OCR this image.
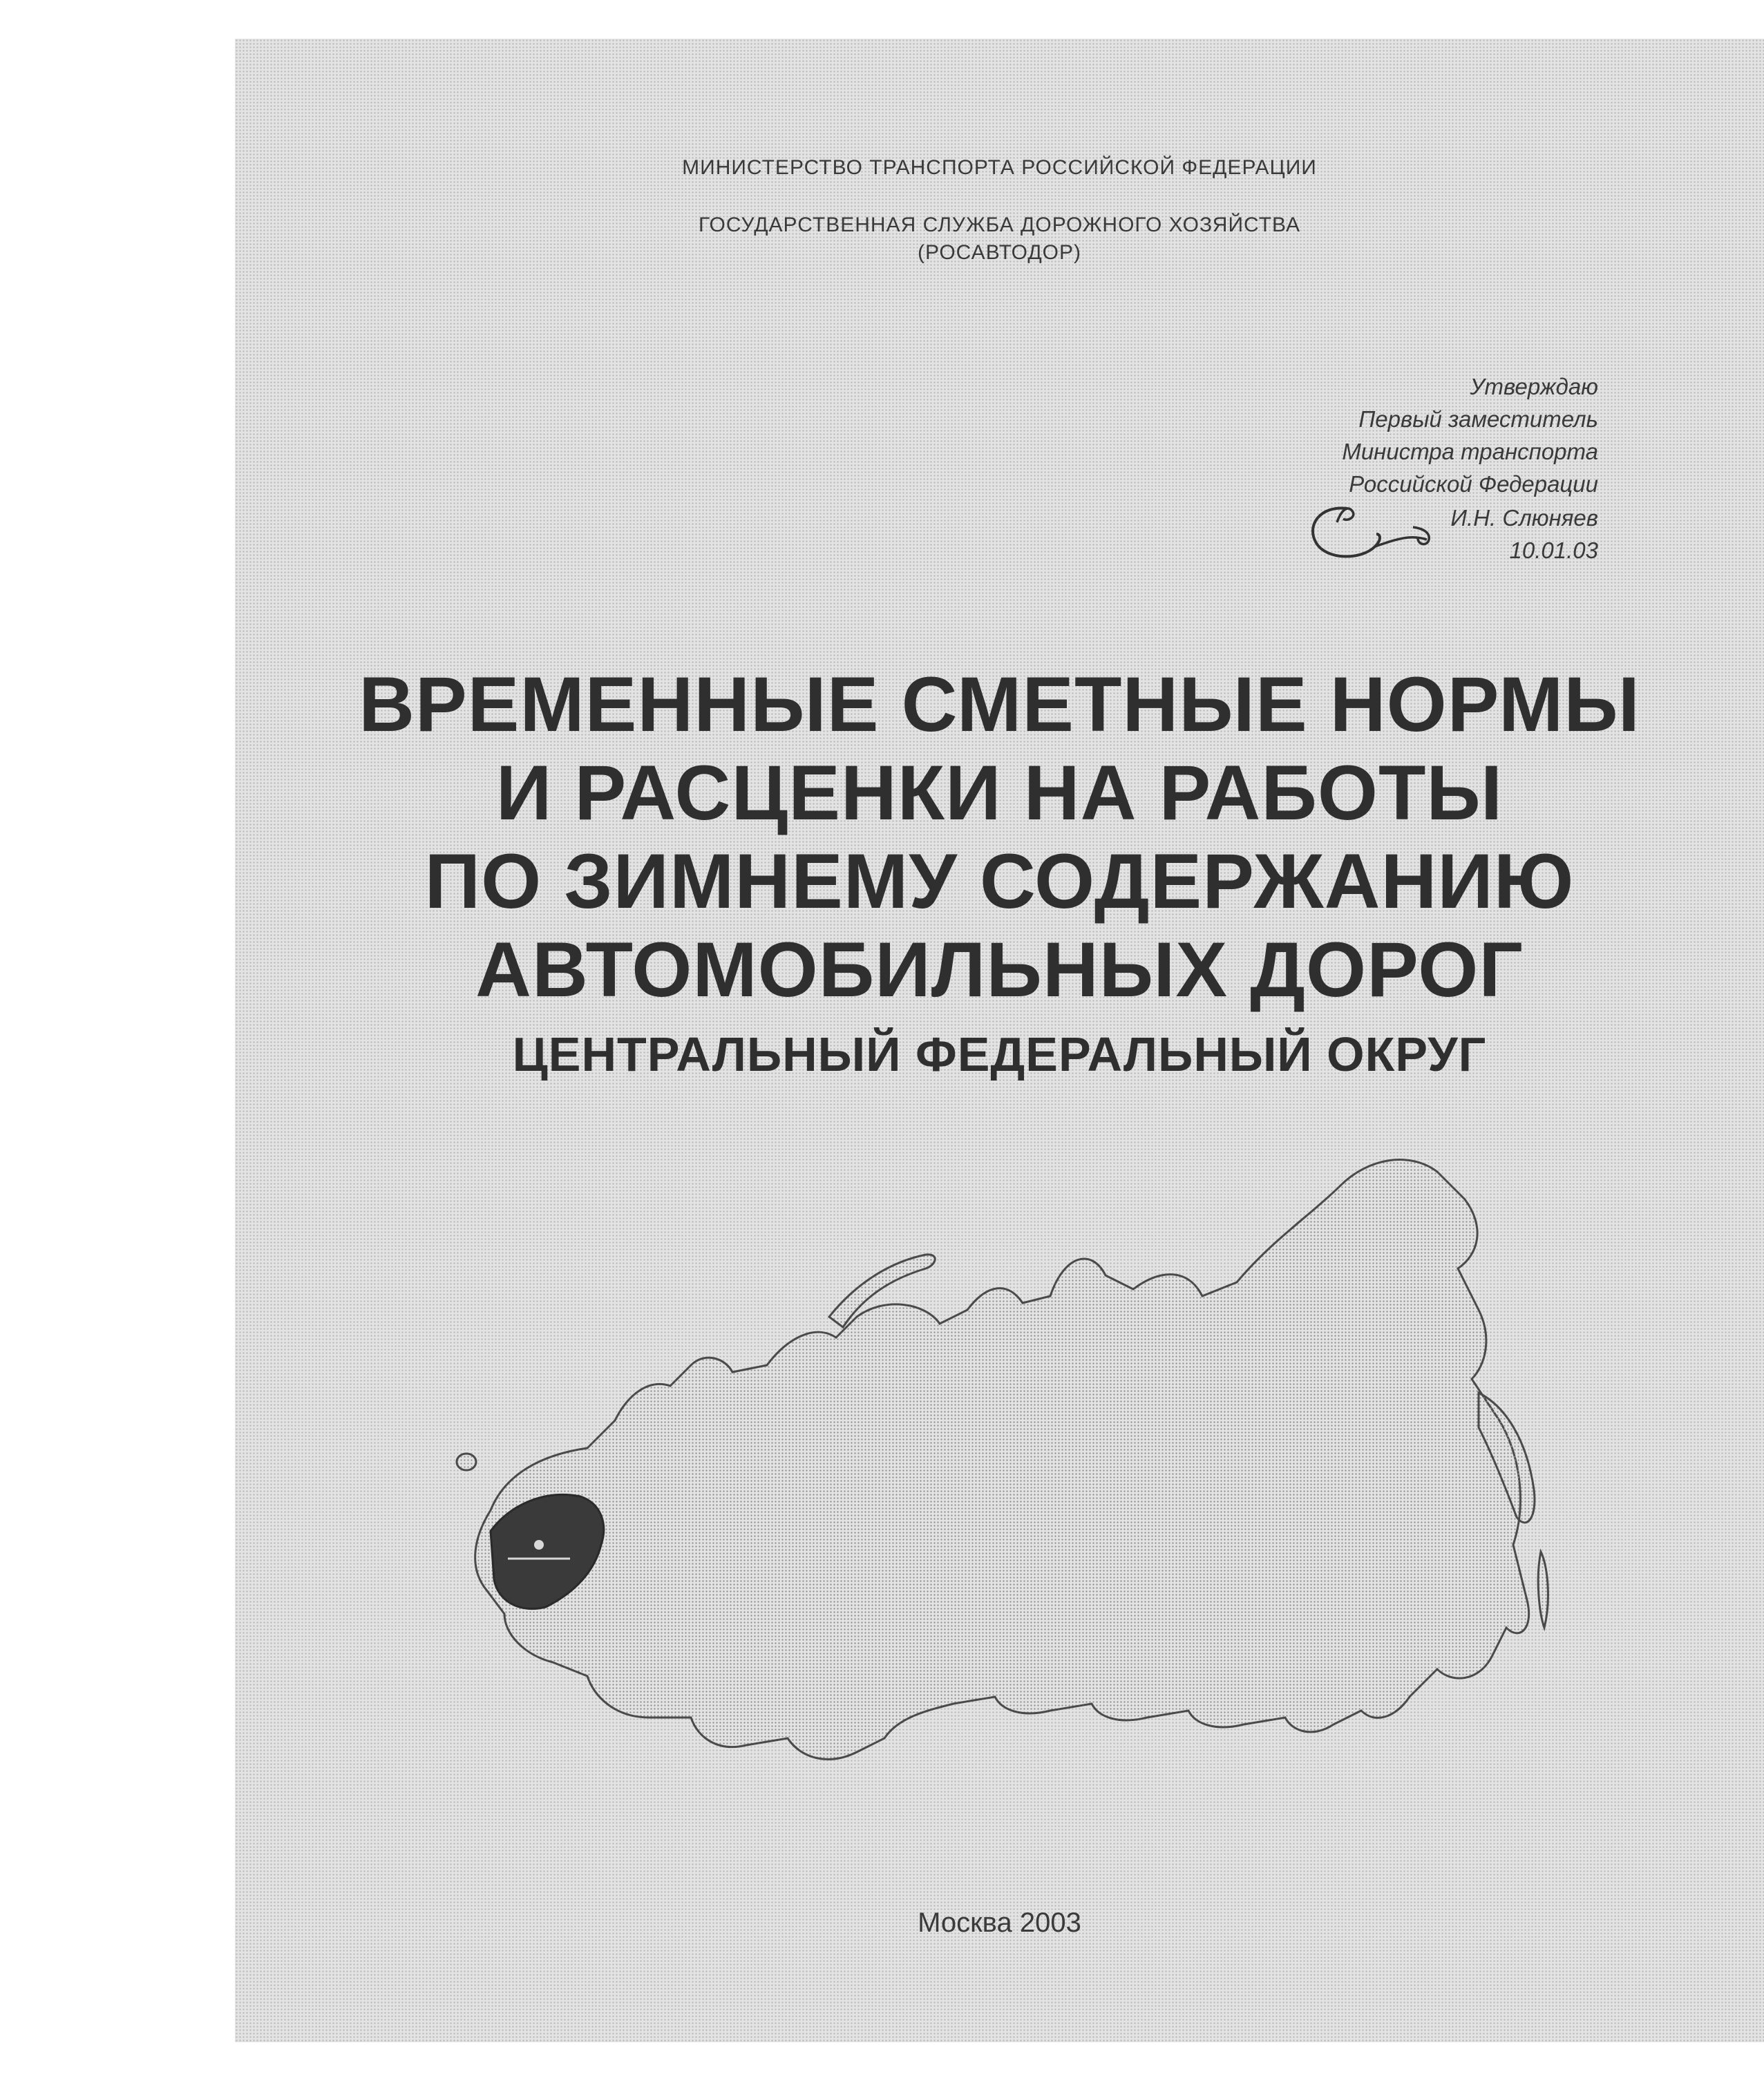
МИНИСТЕРСТВО ТРАНСПОРТА РОССИЙСКОЙ ФЕДЕРАЦИИ
ГОСУДАРСТВЕННАЯ СЛУЖБА ДОРОЖНОГО ХОЗЯЙСТВА
(РОСАВТОДОР)
Утверждаю
Первый заместитель
Министра транспорта
Российской Федерации
И.Н. Слюняев
10.01.03
ВРЕМЕННЫЕ СМЕТНЫЕ НОРМЫ
И РАСЦЕНКИ НА РАБОТЫ
ПО ЗИМНЕМУ СОДЕРЖАНИЮ
АВТОМОБИЛЬНЫХ ДОРОГ
ЦЕНТРАЛЬНЫЙ ФЕДЕРАЛЬНЫЙ ОКРУГ
Москва 2003
